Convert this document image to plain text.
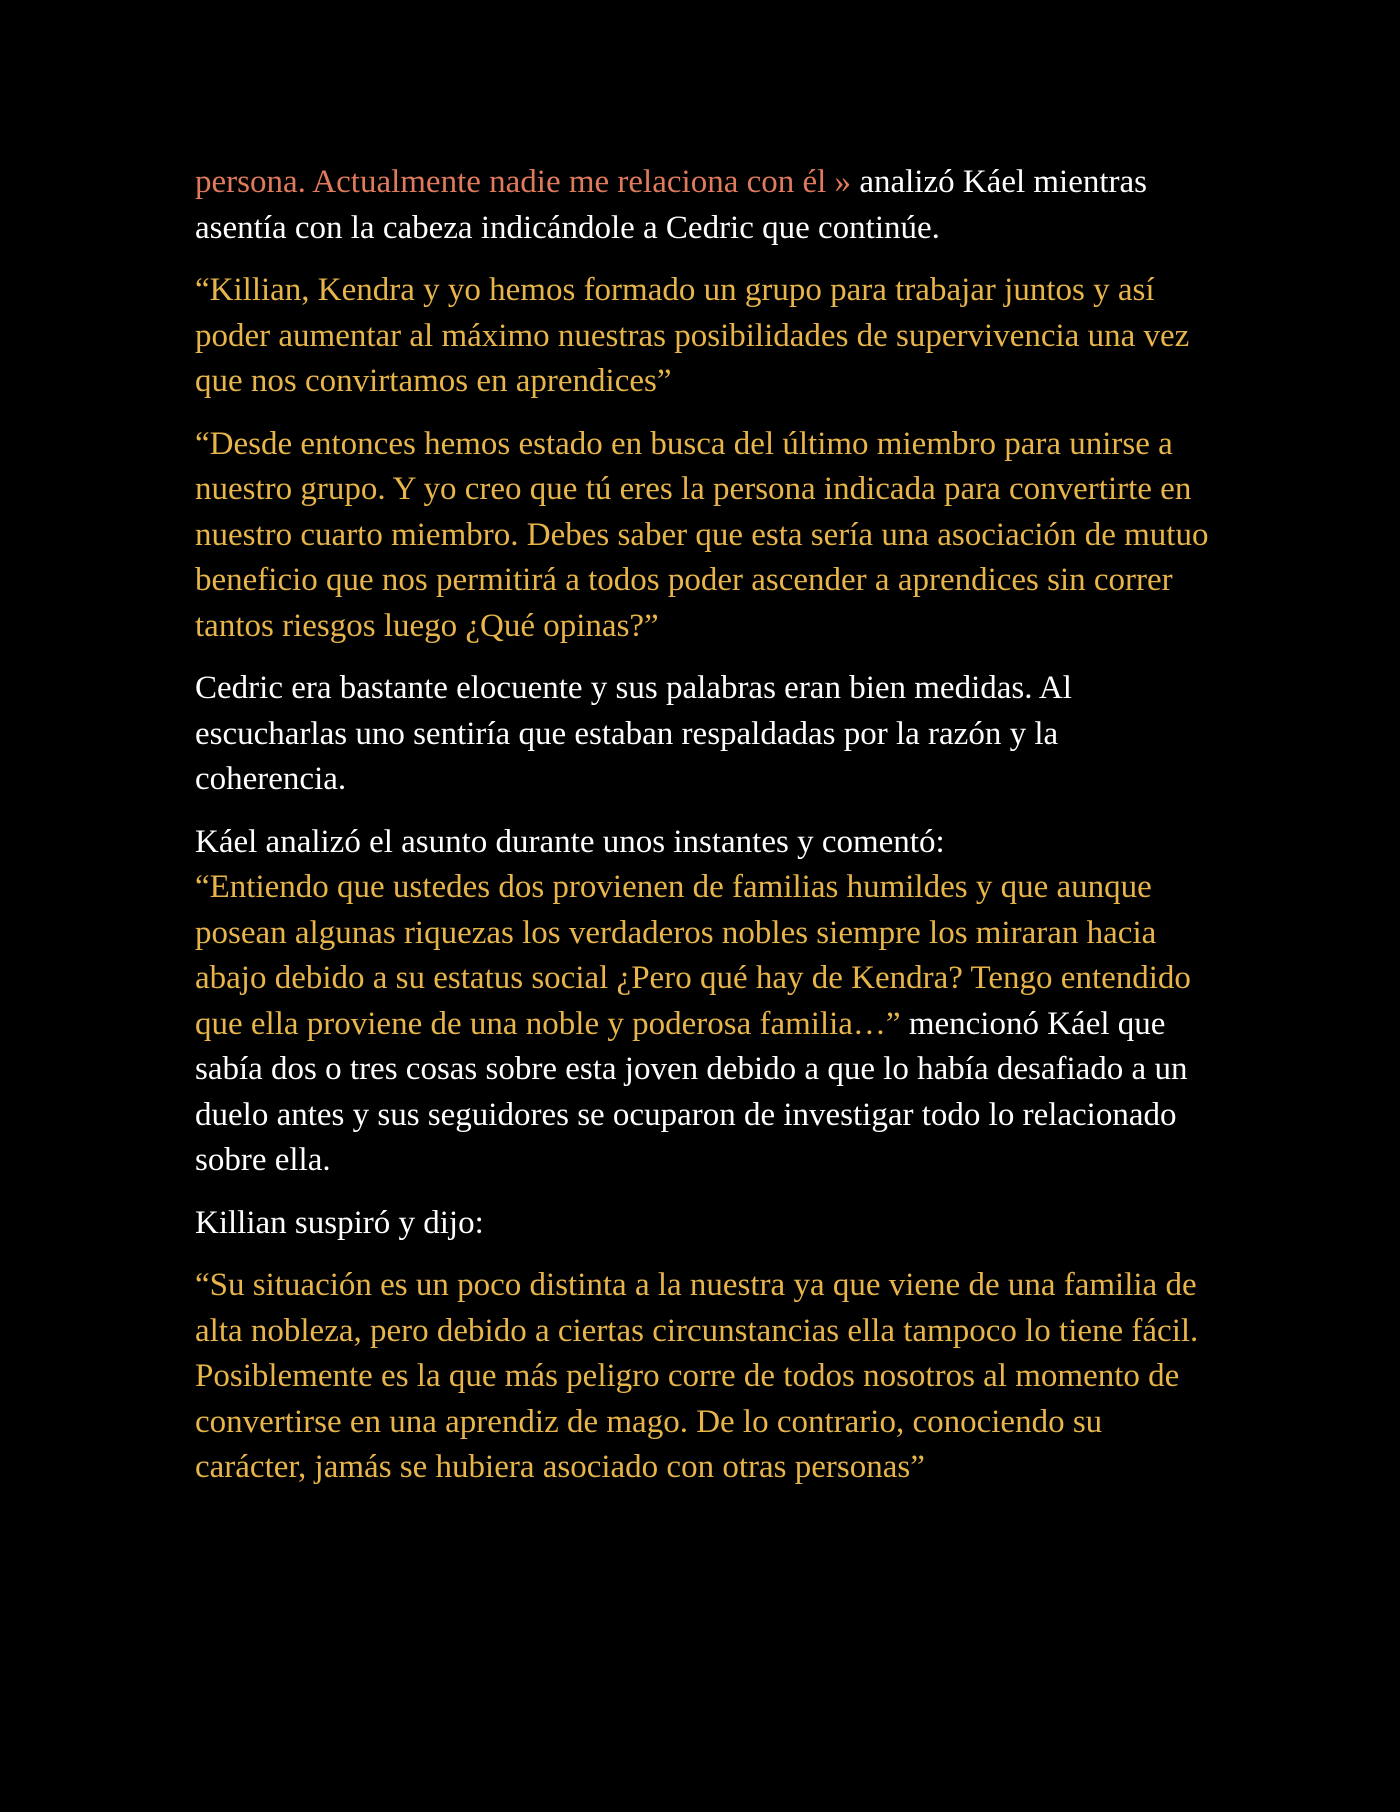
persona. Actualmente nadie me relaciona con él » analizó Káel mientras asentía con la cabeza indicándole a Cedric que continúe.

“Killian, Kendra y yo hemos formado un grupo para trabajar juntos y así poder aumentar al máximo nuestras posibilidades de supervivencia una vez que nos convirtamos en aprendices”

“Desde entonces hemos estado en busca del último miembro para unirse a nuestro grupo. Y yo creo que tú eres la persona indicada para convertirte en nuestro cuarto miembro. Debes saber que esta sería una asociación de mutuo beneficio que nos permitirá a todos poder ascender a aprendices sin correr tantos riesgos luego ¿Qué opinas?”

Cedric era bastante elocuente y sus palabras eran bien medidas. Al escucharlas uno sentiría que estaban respaldadas por la razón y la coherencia.

Káel analizó el asunto durante unos instantes y comentó:
“Entiendo que ustedes dos provienen de familias humildes y que aunque posean algunas riquezas los verdaderos nobles siempre los miraran hacia abajo debido a su estatus social ¿Pero qué hay de Kendra? Tengo entendido que ella proviene de una noble y poderosa familia…” mencionó Káel que sabía dos o tres cosas sobre esta joven debido a que lo había desafiado a un duelo antes y sus seguidores se ocuparon de investigar todo lo relacionado sobre ella.

Killian suspiró y dijo:

“Su situación es un poco distinta a la nuestra ya que viene de una familia de alta nobleza, pero debido a ciertas circunstancias ella tampoco lo tiene fácil. Posiblemente es la que más peligro corre de todos nosotros al momento de convertirse en una aprendiz de mago. De lo contrario, conociendo su carácter, jamás se hubiera asociado con otras personas”
